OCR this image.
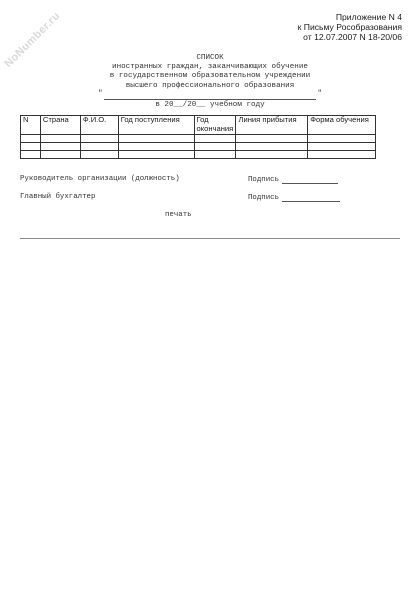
NoNumber.ru	Приложение N 4
к Письму Рособразования
от 12.07.2007 N 18-20/06
СПИСОК
иностранных граждан, заканчивающих обучение
в государственном образовательном учреждении
высшего профессионального образования
"	"
в 20__/20__ учебном году
N	Страна	Ф.И.О.	Год поступления	Год окончания	Линия прибытия	Форма обучения

Руководитель организации (должность)	Подпись
Главный бухгалтер	Подпись
печать
